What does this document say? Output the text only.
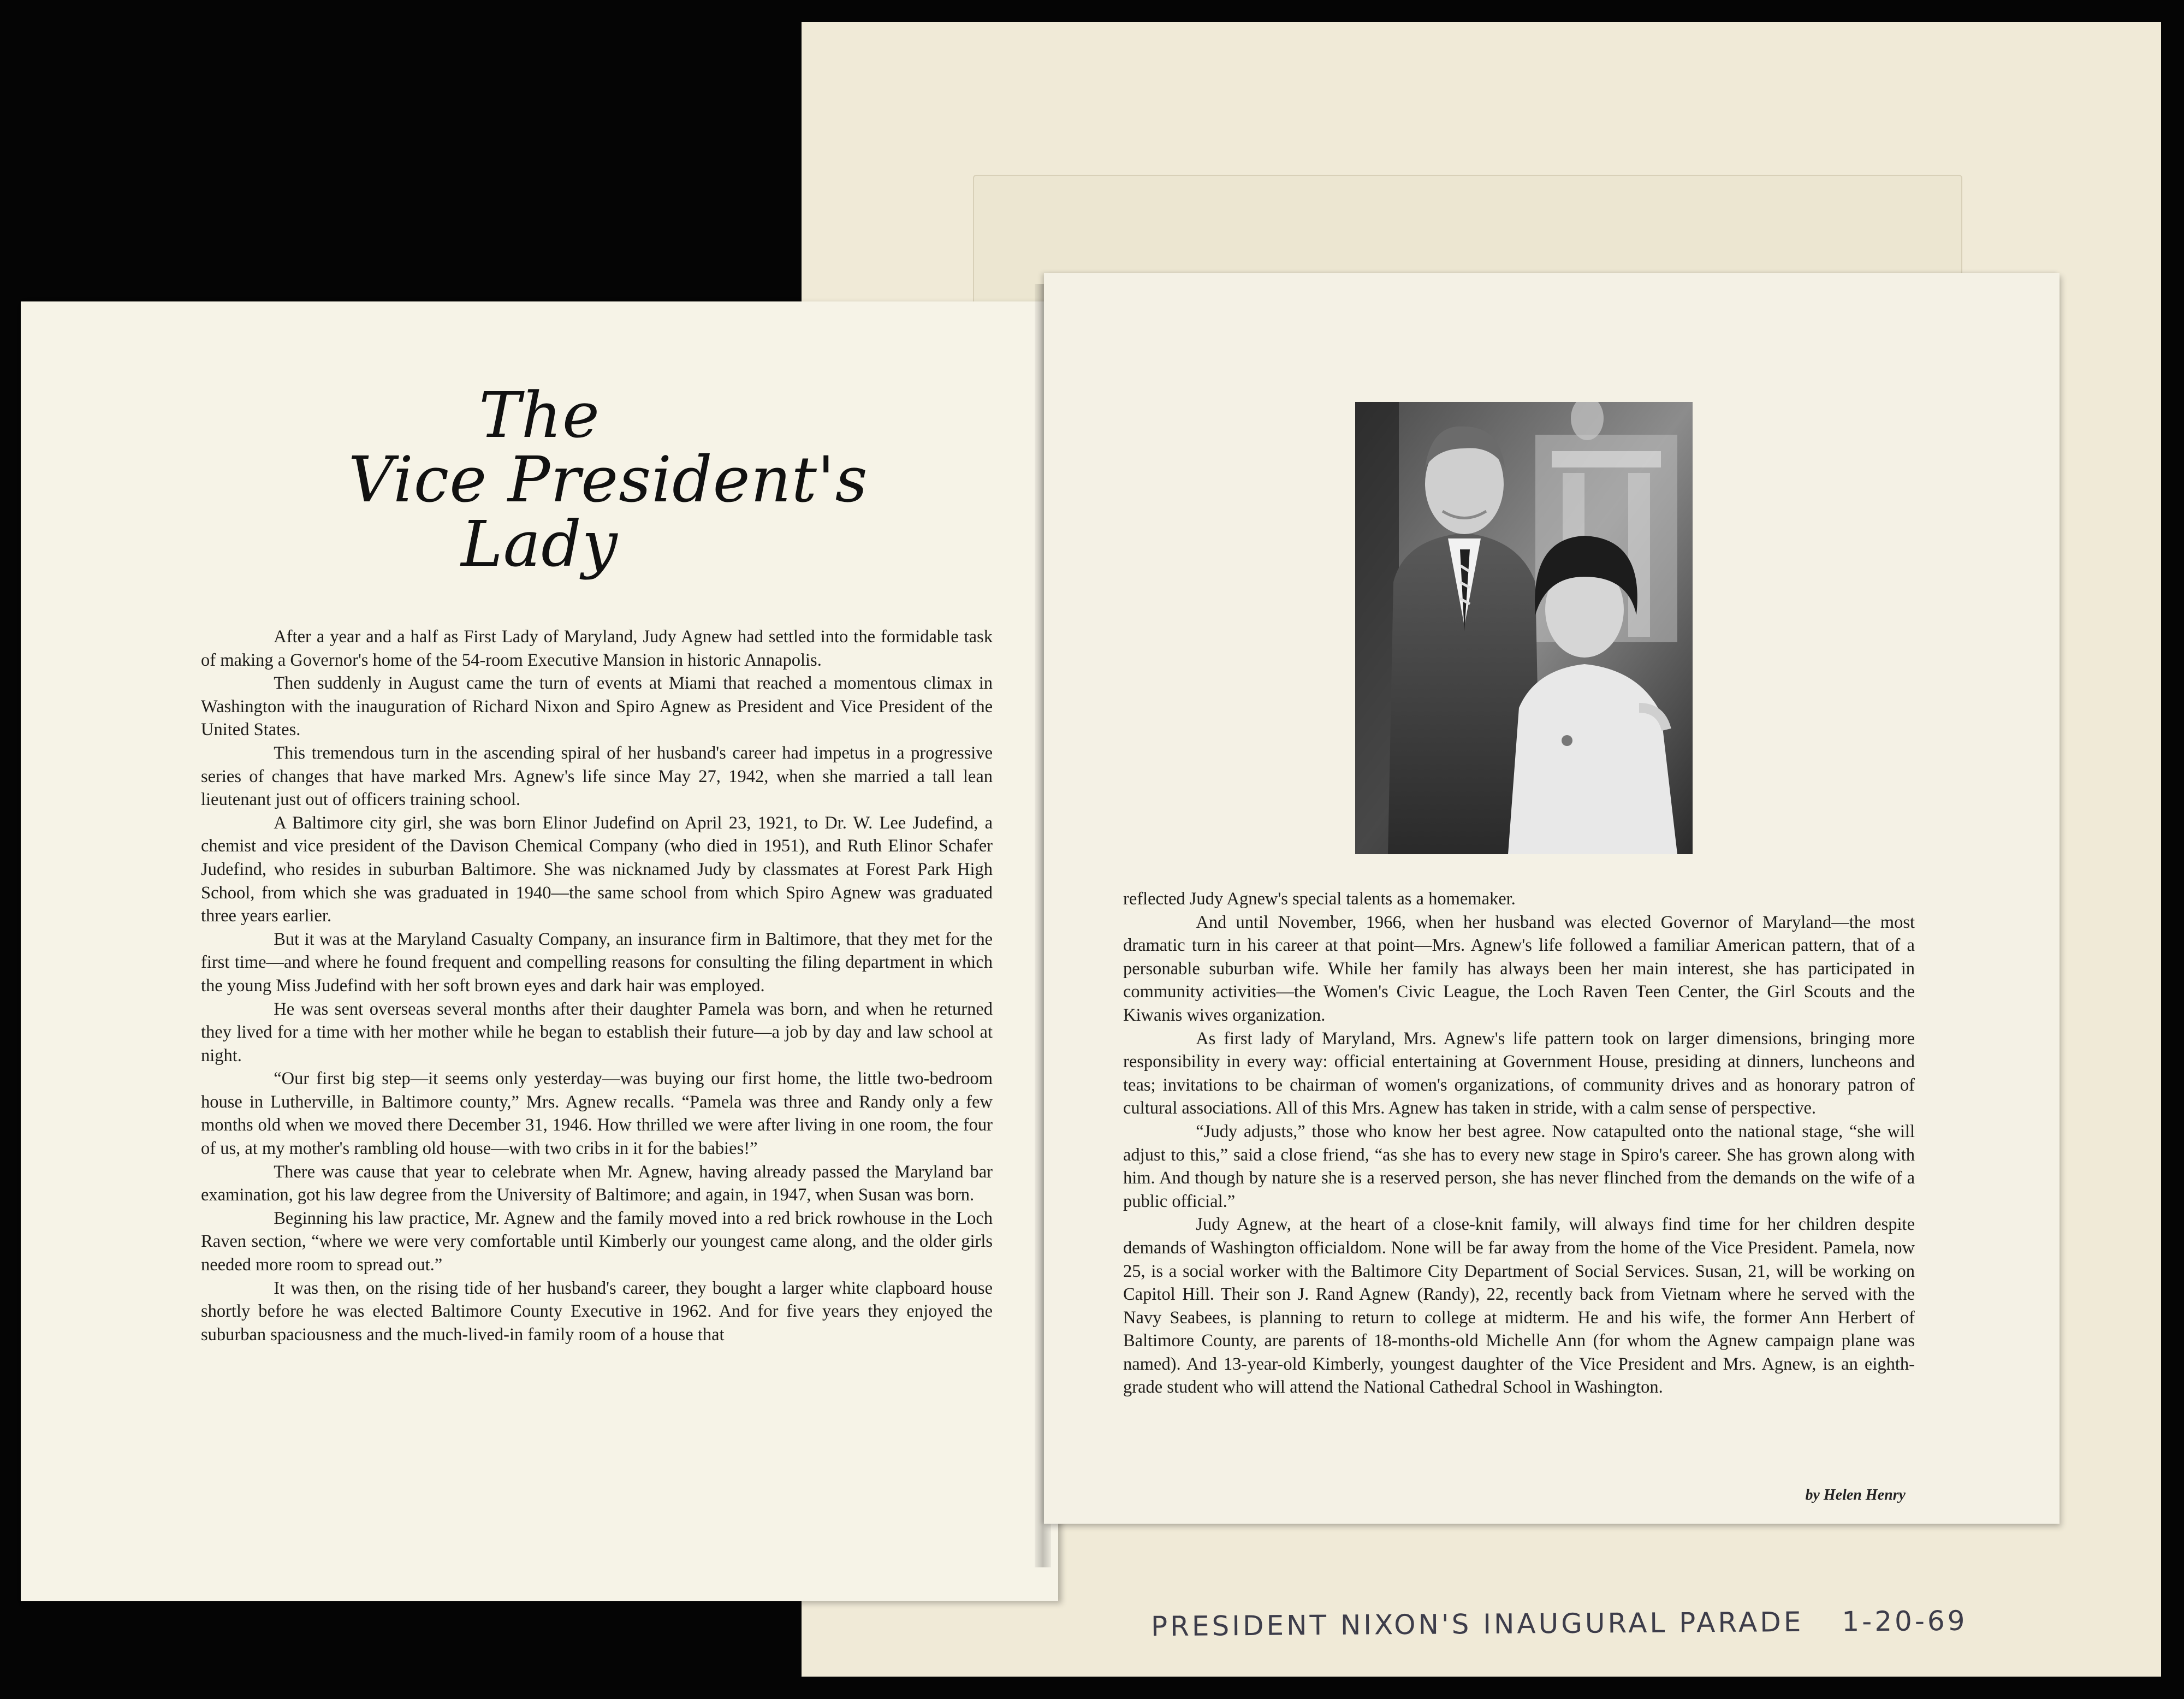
The
Vice President's
Lady

After a year and a half as First Lady of Maryland, Judy Agnew had settled into the formidable task of making a Governor's home of the 54-room Executive Mansion in historic Annapolis.

Then suddenly in August came the turn of events at Miami that reached a momentous climax in Washington with the inauguration of Richard Nixon and Spiro Agnew as President and Vice President of the United States.

This tremendous turn in the ascending spiral of her husband's career had impetus in a progressive series of changes that have marked Mrs. Agnew's life since May 27, 1942, when she married a tall lean lieutenant just out of officers training school.

A Baltimore city girl, she was born Elinor Judefind on April 23, 1921, to Dr. W. Lee Judefind, a chemist and vice president of the Davison Chemical Company (who died in 1951), and Ruth Elinor Schafer Judefind, who resides in suburban Baltimore. She was nicknamed Judy by classmates at Forest Park High School, from which she was graduated in 1940—the same school from which Spiro Agnew was graduated three years earlier.

But it was at the Maryland Casualty Company, an insurance firm in Baltimore, that they met for the first time—and where he found frequent and compelling reasons for consulting the filing department in which the young Miss Judefind with her soft brown eyes and dark hair was employed.

He was sent overseas several months after their daughter Pamela was born, and when he returned they lived for a time with her mother while he began to establish their future—a job by day and law school at night.

“Our first big step—it seems only yesterday—was buying our first home, the little two-bedroom house in Lutherville, in Baltimore county,” Mrs. Agnew recalls. “Pamela was three and Randy only a few months old when we moved there December 31, 1946. How thrilled we were after living in one room, the four of us, at my mother's rambling old house—with two cribs in it for the babies!”

There was cause that year to celebrate when Mr. Agnew, having already passed the Maryland bar examination, got his law degree from the University of Baltimore; and again, in 1947, when Susan was born.

Beginning his law practice, Mr. Agnew and the family moved into a red brick rowhouse in the Loch Raven section, “where we were very comfortable until Kimberly our youngest came along, and the older girls needed more room to spread out.”

It was then, on the rising tide of her husband's career, they bought a larger white clapboard house shortly before he was elected Baltimore County Executive in 1962. And for five years they enjoyed the suburban spaciousness and the much-lived-in family room of a house that

reflected Judy Agnew's special talents as a homemaker.

And until November, 1966, when her husband was elected Governor of Maryland—the most dramatic turn in his career at that point—Mrs. Agnew's life followed a familiar American pattern, that of a personable suburban wife. While her family has always been her main interest, she has participated in community activities—the Women's Civic League, the Loch Raven Teen Center, the Girl Scouts and the Kiwanis wives organization.

As first lady of Maryland, Mrs. Agnew's life pattern took on larger dimensions, bringing more responsibility in every way: official entertaining at Government House, presiding at dinners, luncheons and teas; invitations to be chairman of women's organizations, of community drives and as honorary patron of cultural associations. All of this Mrs. Agnew has taken in stride, with a calm sense of perspective.

“Judy adjusts,” those who know her best agree. Now catapulted onto the national stage, “she will adjust to this,” said a close friend, “as she has to every new stage in Spiro's career. She has grown along with him. And though by nature she is a reserved person, she has never flinched from the demands on the wife of a public official.”

Judy Agnew, at the heart of a close-knit family, will always find time for her children despite demands of Washington officialdom. None will be far away from the home of the Vice President. Pamela, now 25, is a social worker with the Baltimore City Department of Social Services. Susan, 21, will be working on Capitol Hill. Their son J. Rand Agnew (Randy), 22, recently back from Vietnam where he served with the Navy Seabees, is planning to return to college at midterm. He and his wife, the former Ann Herbert of Baltimore County, are parents of 18-months-old Michelle Ann (for whom the Agnew campaign plane was named). And 13-year-old Kimberly, youngest daughter of the Vice President and Mrs. Agnew, is an eighth-grade student who will attend the National Cathedral School in Washington.

by Helen Henry
PRESIDENT NIXON'S INAUGURAL PARADE 1-20-69
